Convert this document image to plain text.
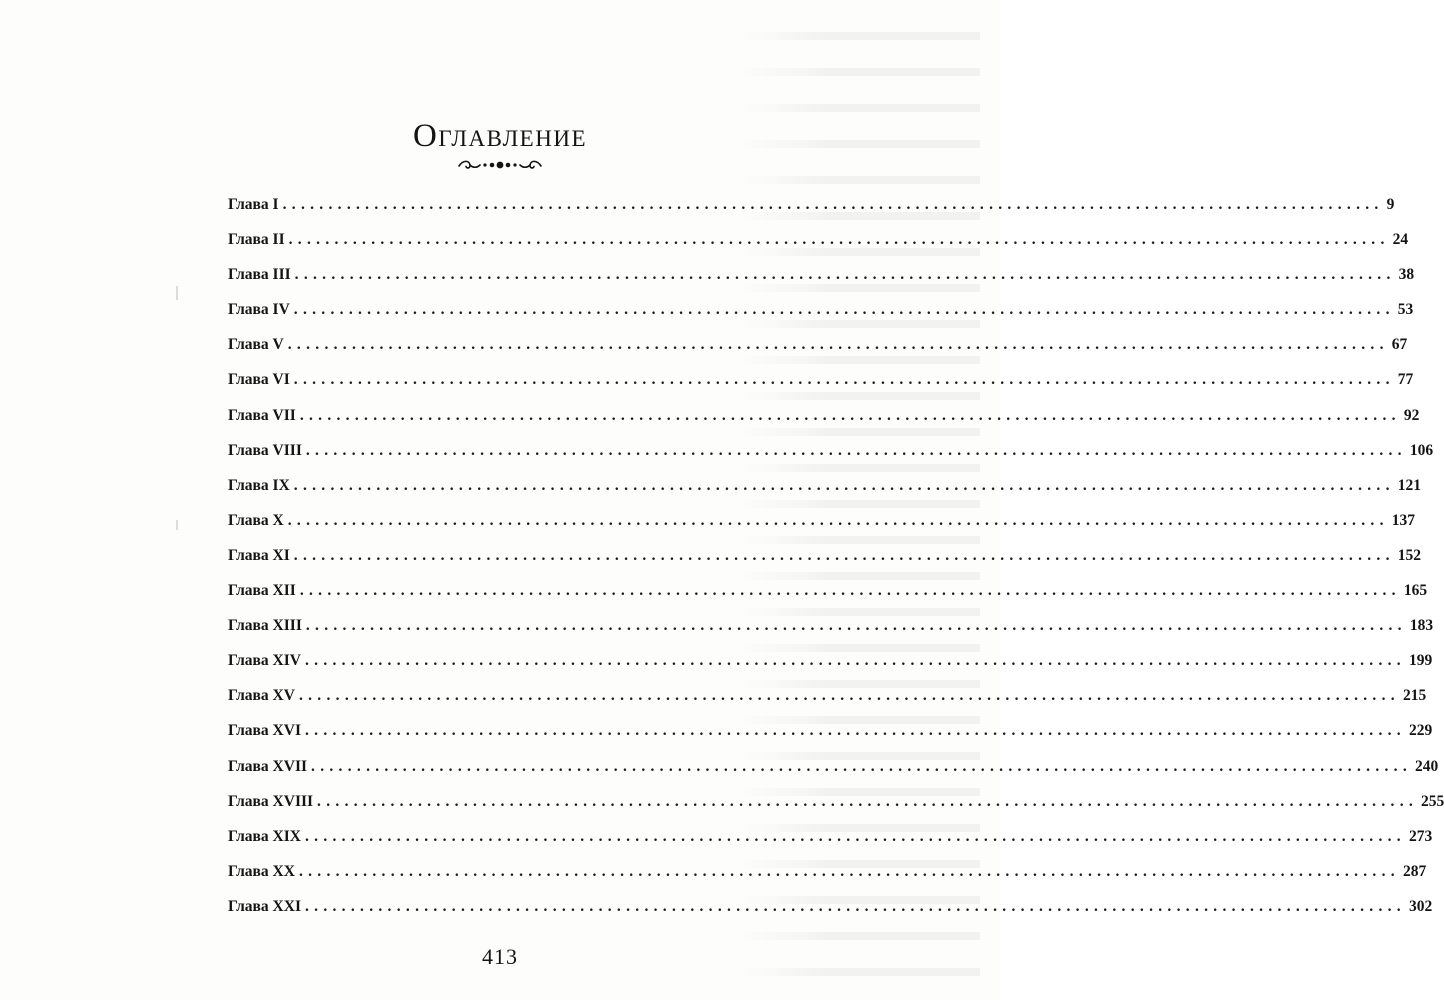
Оглавление
Глава I ........................................................................................................................ 9
Глава II ........................................................................................................................ 24
Глава III ........................................................................................................................ 38
Глава IV ........................................................................................................................ 53
Глава V ........................................................................................................................ 67
Глава VI ........................................................................................................................ 77
Глава VII ........................................................................................................................ 92
Глава VIII ........................................................................................................................ 106
Глава IX ........................................................................................................................ 121
Глава X ........................................................................................................................ 137
Глава XI ........................................................................................................................ 152
Глава XII ........................................................................................................................ 165
Глава XIII ........................................................................................................................ 183
Глава XIV ........................................................................................................................ 199
Глава XV ........................................................................................................................ 215
Глава XVI ........................................................................................................................ 229
Глава XVII ........................................................................................................................ 240
Глава XVIII ........................................................................................................................ 255
Глава XIX ........................................................................................................................ 273
Глава XX ........................................................................................................................ 287
Глава XXI ........................................................................................................................ 302
413
